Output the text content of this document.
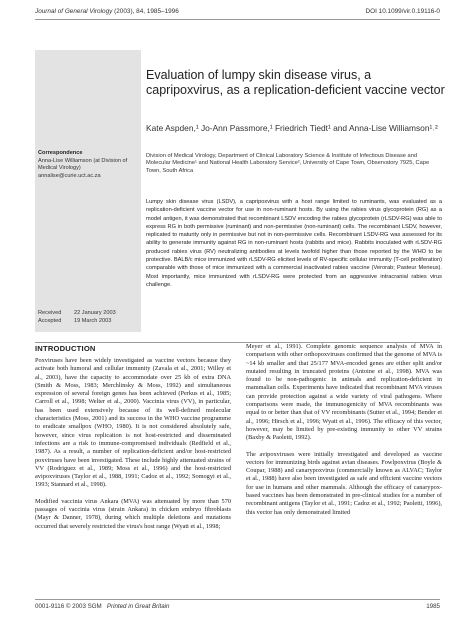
Journal of General Virology (2003), 84, 1985–1996	DOI 10.1099/vir.0.19116-0
Correspondence
Anna-Lise Williamson (at Division of Medical Virology)
annalise@curie.uct.ac.za
Received 22 January 2003
Accepted 19 March 2003
Evaluation of lumpy skin disease virus, a capripoxvirus, as a replication-deficient vaccine vector
Kate Aspden,¹ Jo-Ann Passmore,¹ Friedrich Tiedt¹ and Anna-Lise Williamson¹˒²
Division of Medical Virology, Department of Clinical Laboratory Science & Institute of Infectious Disease and Molecular Medicine¹ and National Health Laboratory Service², University of Cape Town, Observatory 7925, Cape Town, South Africa
Lumpy skin disease virus (LSDV), a capripoxvirus with a host range limited to ruminants, was evaluated as a replication-deficient vaccine vector for use in non-ruminant hosts. By using the rabies virus glycoprotein (RG) as a model antigen, it was demonstrated that recombinant LSDV encoding the rabies glycoprotein (rLSDV-RG) was able to express RG in both permissive (ruminant) and non-permissive (non-ruminant) cells. The recombinant LSDV, however, replicated to maturity only in permissive but not in non-permissive cells. Recombinant LSDV-RG was assessed for its ability to generate immunity against RG in non-ruminant hosts (rabbits and mice). Rabbits inoculated with rLSDV-RG produced rabies virus (RV) neutralizing antibodies at levels twofold higher than those reported by the WHO to be protective. BALB/c mice immunized with rLSDV-RG elicited levels of RV-specific cellular immunity (T-cell proliferation) comparable with those of mice immunized with a commercial inactivated rabies vaccine (Verorab; Pasteur Merieux). Most importantly, mice immunized with rLSDV-RG were protected from an aggressive intracranial rabies virus challenge.
INTRODUCTION

Poxviruses have been widely investigated as vaccine vectors because they activate both humoral and cellular immunity (Zavala et al., 2001; Willey et al., 2003), have the capacity to accommodate over 25 kb of extra DNA (Smith & Moss, 1983; Merchlinsky & Moss, 1992) and simultaneous expression of several foreign genes has been achieved (Perkus et al., 1985; Carroll et al., 1998; Welter et al., 2000). Vaccinia virus (VV), in particular, has been used extensively because of its well-defined molecular characteristics (Moss, 2001) and its success in the WHO vaccine programme to eradicate smallpox (WHO, 1980). It is not considered absolutely safe, however, since virus replication is not host-restricted and disseminated infections are a risk to immune-compromised individuals (Redfield et al., 1987). As a result, a number of replication-deficient and/or host-restricted poxviruses have been investigated. These include highly attenuated strains of VV (Rodriguez et al., 1989; Moss et al., 1996) and the host-restricted avipoxviruses (Taylor et al., 1988, 1991; Cadoz et al., 1992; Somogyi et al., 1993; Stannard et al., 1998).

Modified vaccinia virus Ankara (MVA) was attenuated by more than 570 passages of vaccinia virus (strain Ankara) in chicken embryo fibroblasts (Mayr & Danner, 1978), during which multiple deletions and mutations occurred that severely restricted the virus's host range (Wyatt et al., 1998;

Meyer et al., 1991). Complete genomic sequence analysis of MVA in comparison with other orthopoxviruses confirmed that the genome of MVA is ~14 kb smaller and that 25/177 MVA-encoded genes are either split and/or mutated resulting in truncated proteins (Antoine et al., 1998). MVA was found to be non-pathogenic in animals and replication-deficient in mammalian cells. Experiments have indicated that recombinant MVA viruses can provide protection against a wide variety of viral pathogens. Where comparisons were made, the immunogenicity of MVA recombinants was equal to or better than that of VV recombinants (Sutter et al., 1994; Bender et al., 1996; Hirsch et al., 1996; Wyatt et al., 1996). The efficacy of this vector, however, may be limited by pre-existing immunity to other VV strains (Baxby & Paoletti, 1992).

The avipoxviruses were initially investigated and developed as vaccine vectors for immunizing birds against avian diseases. Fowlpoxvirus (Boyle & Coupar, 1988) and canarypoxvirus (commercially known as ALVAC; Taylor et al., 1988) have also been investigated as safe and efficient vaccine vectors for use in humans and other mammals. Although the efficacy of canarypox-based vaccines has been demonstrated in pre-clinical studies for a number of recombinant antigens (Taylor et al., 1991; Cadoz et al., 1992; Paoletti, 1996), this vector has only demonstrated limited

0001-9116 © 2003 SGM Printed in Great Britain	1985
